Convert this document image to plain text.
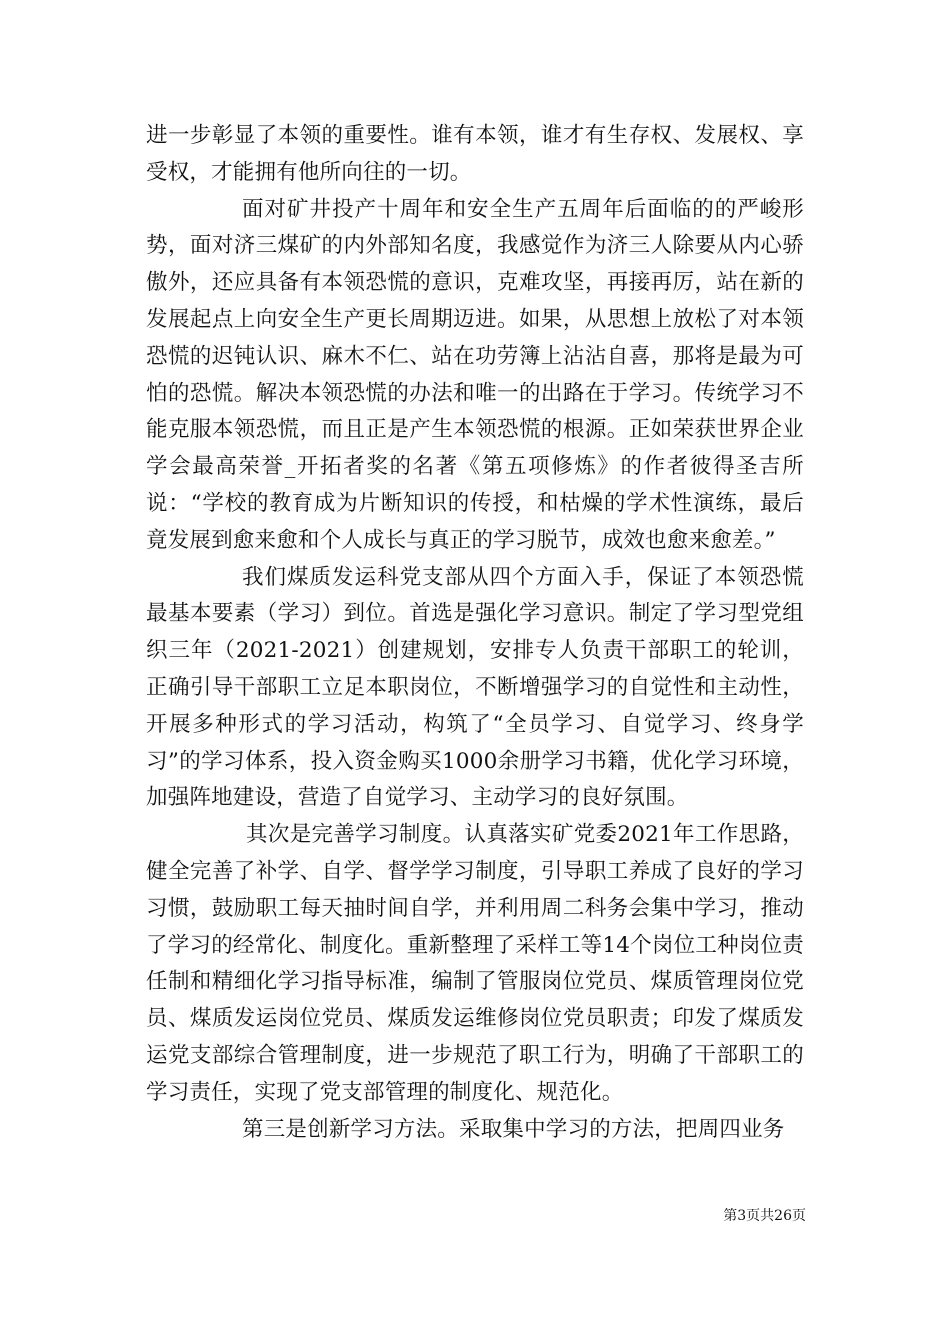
进一步彰显了本领的重要性。谁有本领，谁才有生存权、发展权、享受权，才能拥有他所向往的一切。

面对矿井投产十周年和安全生产五周年后面临的的严峻形势，面对济三煤矿的内外部知名度，我感觉作为济三人除要从内心骄傲外，还应具备有本领恐慌的意识，克难攻坚，再接再厉，站在新的发展起点上向安全生产更长周期迈进。如果，从思想上放松了对本领恐慌的迟钝认识、麻木不仁、站在功劳簿上沾沾自喜，那将是最为可怕的恐慌。解决本领恐慌的办法和唯一的出路在于学习。传统学习不能克服本领恐慌，而且正是产生本领恐慌的根源。正如荣获世界企业学会最高荣誉_开拓者奖的名著《第五项修炼》的作者彼得圣吉所说：“学校的教育成为片断知识的传授，和枯燥的学术性演练，最后竟发展到愈来愈和个人成长与真正的学习脱节，成效也愈来愈差。”

我们煤质发运科党支部从四个方面入手，保证了本领恐慌最基本要素（学习）到位。首选是强化学习意识。制定了学习型党组织三年（2021-2021）创建规划，安排专人负责干部职工的轮训，正确引导干部职工立足本职岗位，不断增强学习的自觉性和主动性，开展多种形式的学习活动，构筑了“全员学习、自觉学习、终身学习”的学习体系，投入资金购买1000余册学习书籍，优化学习环境，加强阵地建设，营造了自觉学习、主动学习的良好氛围。

其次是完善学习制度。认真落实矿党委2021年工作思路，健全完善了补学、自学、督学学习制度，引导职工养成了良好的学习习惯，鼓励职工每天抽时间自学，并利用周二科务会集中学习，推动了学习的经常化、制度化。重新整理了采样工等14个岗位工种岗位责任制和精细化学习指导标准，编制了管服岗位党员、煤质管理岗位党员、煤质发运岗位党员、煤质发运维修岗位党员职责；印发了煤质发运党支部综合管理制度，进一步规范了职工行为，明确了干部职工的学习责任，实现了党支部管理的制度化、规范化。

第三是创新学习方法。采取集中学习的方法，把周四业务

第3页共26页
